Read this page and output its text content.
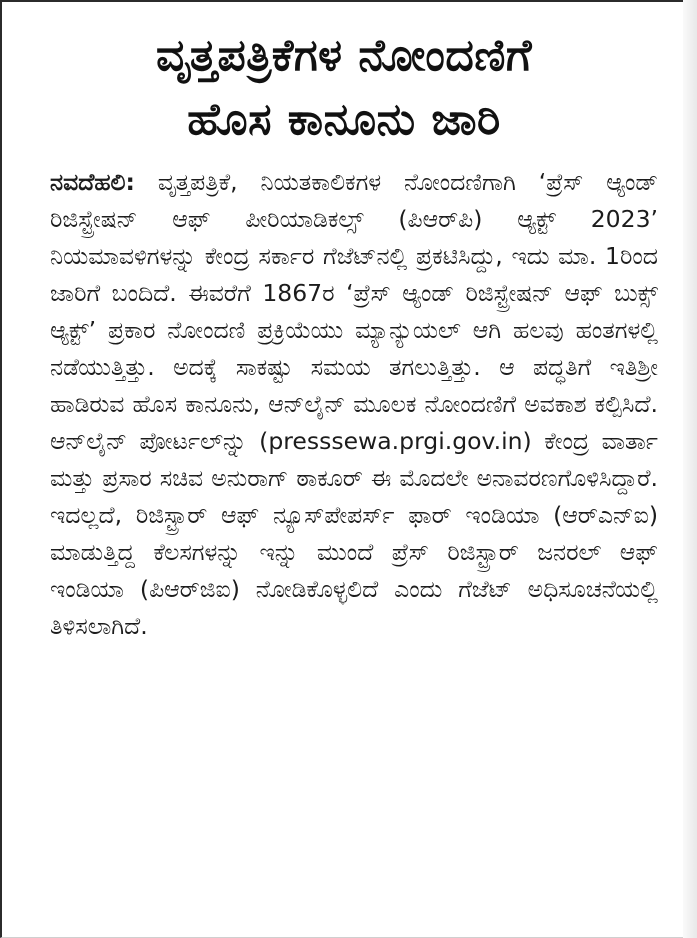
ವೃತ್ತಪತ್ರಿಕೆಗಳ ನೋಂದಣಿಗೆ
ಹೊಸ ಕಾನೂನು ಜಾರಿ

ನವದೆಹಲಿ: ವೃತ್ತಪತ್ರಿಕೆ, ನಿಯತಕಾಲಿಕಗಳ ನೋಂದಣಿಗಾಗಿ ‘ಪ್ರೆಸ್ ಆ್ಯಂಡ್ ರಿಜಿಸ್ಟ್ರೇಷನ್ ಆಫ್ ಪೀರಿಯಾಡಿಕಲ್ಸ್ (ಪಿಆರ್‌ಪಿ) ಆ್ಯಕ್ಟ್ 2023’ ನಿಯಮಾವಳಿಗಳನ್ನು ಕೇಂದ್ರ ಸರ್ಕಾರ ಗೆಜೆಟ್‌ನಲ್ಲಿ ಪ್ರಕಟಿಸಿದ್ದು, ಇದು ಮಾ. 1ರಿಂದ ಜಾರಿಗೆ ಬಂದಿದೆ. ಈವರೆಗೆ 1867ರ ‘ಪ್ರೆಸ್ ಆ್ಯಂಡ್ ರಿಜಿಸ್ಟ್ರೇಷನ್ ಆಫ್ ಬುಕ್ಸ್ ಆ್ಯಕ್ಟ್’ ಪ್ರಕಾರ ನೋಂದಣಿ ಪ್ರಕ್ರಿಯೆಯು ಮ್ಯಾನ್ಯುಯಲ್ ಆಗಿ ಹಲವು ಹಂತಗಳಲ್ಲಿ ನಡೆಯುತ್ತಿತ್ತು. ಅದಕ್ಕೆ ಸಾಕಷ್ಟು ಸಮಯ ತಗಲುತ್ತಿತ್ತು. ಆ ಪದ್ಧತಿಗೆ ಇತಿಶ್ರೀ ಹಾಡಿರುವ ಹೊಸ ಕಾನೂನು, ಆನ್‌ಲೈನ್ ಮೂಲಕ ನೋಂದಣಿಗೆ ಅವಕಾಶ ಕಲ್ಪಿಸಿದೆ. ಆನ್‌ಲೈನ್ ಪೋರ್ಟಲ್‌ನ್ನು (presssewa.prgi.gov.in) ಕೇಂದ್ರ ವಾರ್ತಾ ಮತ್ತು ಪ್ರಸಾರ ಸಚಿವ ಅನುರಾಗ್ ಠಾಕೂರ್ ಈ ಮೊದಲೇ ಅನಾವರಣಗೊಳಿಸಿದ್ದಾರೆ. ಇದಲ್ಲದೆ, ರಿಜಿಸ್ಟ್ರಾರ್ ಆಫ್ ನ್ಯೂಸ್‌ಪೇಪರ್ಸ್ ಫಾರ್ ಇಂಡಿಯಾ (ಆರ್‌ಎನ್‌ಐ) ಮಾಡುತ್ತಿದ್ದ ಕೆಲಸಗಳನ್ನು ಇನ್ನು ಮುಂದೆ ಪ್ರೆಸ್ ರಿಜಿಸ್ಟ್ರಾರ್ ಜನರಲ್ ಆಫ್ ಇಂಡಿಯಾ (ಪಿಆರ್‌ಜಿಐ) ನೋಡಿಕೊಳ್ಳಲಿದೆ ಎಂದು ಗೆಜೆಟ್ ಅಧಿಸೂಚನೆಯಲ್ಲಿ ತಿಳಿಸಲಾಗಿದೆ.
